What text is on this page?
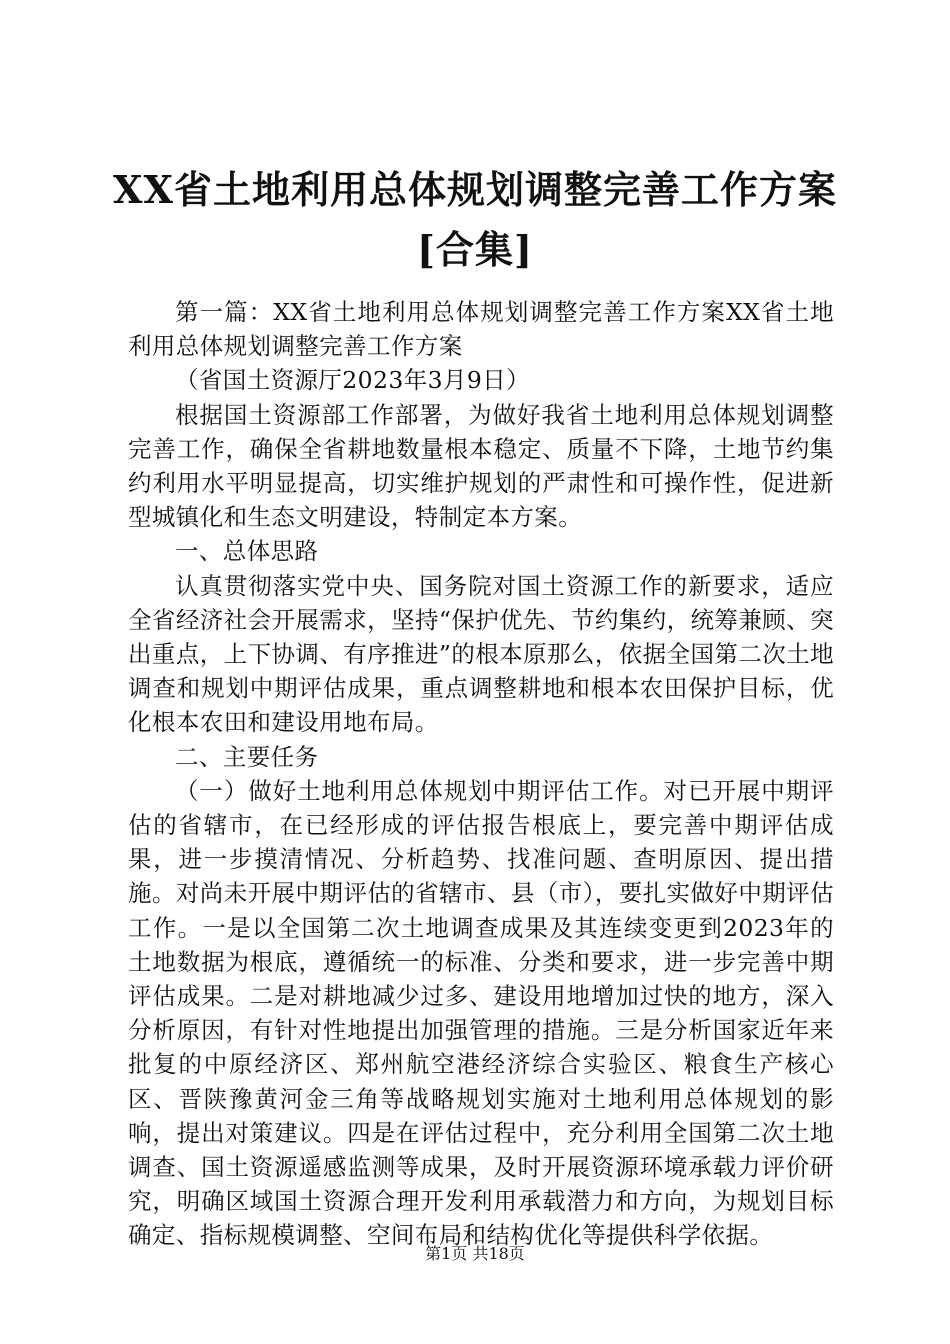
XX省土地利用总体规划调整完善工作方案[合集]

第一篇：XX省土地利用总体规划调整完善工作方案XX省土地利用总体规划调整完善工作方案

（省国土资源厅2023年3月9日）

根据国土资源部工作部署，为做好我省土地利用总体规划调整完善工作，确保全省耕地数量根本稳定、质量不下降，土地节约集约利用水平明显提高，切实维护规划的严肃性和可操作性，促进新型城镇化和生态文明建设，特制定本方案。

一、总体思路

认真贯彻落实党中央、国务院对国土资源工作的新要求，适应全省经济社会开展需求，坚持“保护优先、节约集约，统筹兼顾、突出重点，上下协调、有序推进”的根本原那么，依据全国第二次土地调查和规划中期评估成果，重点调整耕地和根本农田保护目标，优化根本农田和建设用地布局。

二、主要任务

（一）做好土地利用总体规划中期评估工作。对已开展中期评估的省辖市，在已经形成的评估报告根底上，要完善中期评估成果，进一步摸清情况、分析趋势、找准问题、查明原因、提出措施。对尚未开展中期评估的省辖市、县（市），要扎实做好中期评估工作。一是以全国第二次土地调查成果及其连续变更到2023年的土地数据为根底，遵循统一的标准、分类和要求，进一步完善中期评估成果。二是对耕地减少过多、建设用地增加过快的地方，深入分析原因，有针对性地提出加强管理的措施。三是分析国家近年来批复的中原经济区、郑州航空港经济综合实验区、粮食生产核心区、晋陕豫黄河金三角等战略规划实施对土地利用总体规划的影响，提出对策建议。四是在评估过程中，充分利用全国第二次土地调查、国土资源遥感监测等成果，及时开展资源环境承载力评价研究，明确区域国土资源合理开发利用承载潜力和方向，为规划目标确定、指标规模调整、空间布局和结构优化等提供科学依据。

第1页 共18页
